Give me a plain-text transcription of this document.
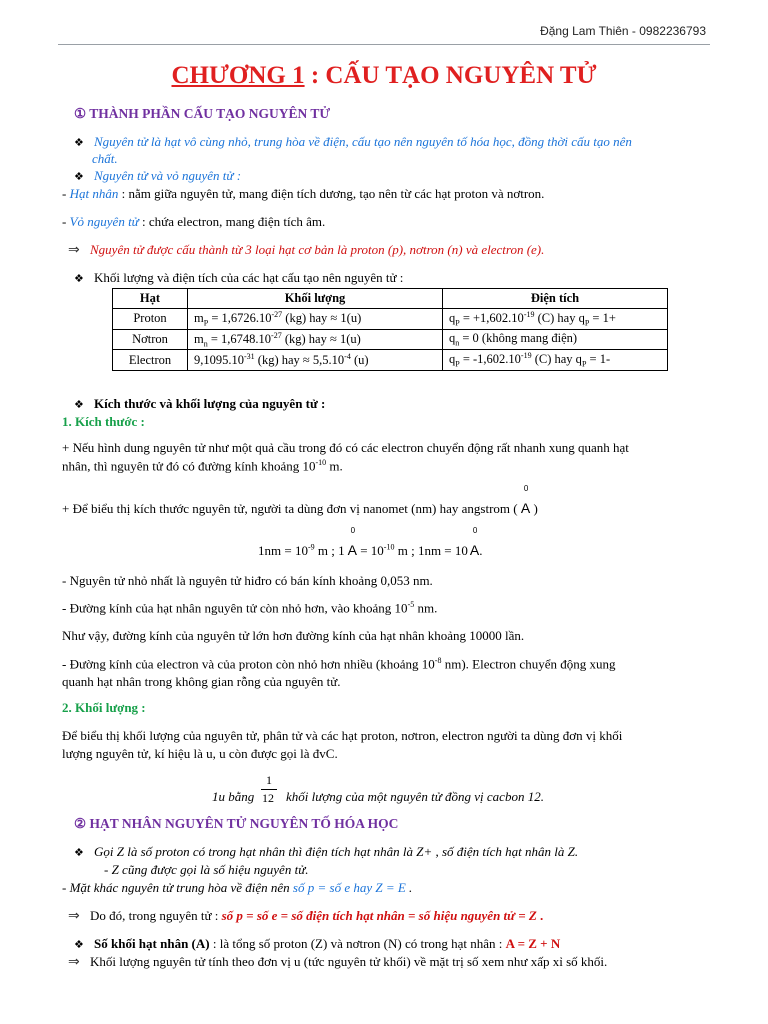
Đặng Lam Thiên - 0982236793
CHƯƠNG 1 : CẤU TẠO NGUYÊN TỬ
① THÀNH PHẦN CẤU TẠO NGUYÊN TỬ
❖ Nguyên tử là hạt vô cùng nhỏ, trung hòa về điện, cấu tạo nên nguyên tố hóa học, đồng thời cấu tạo nên
chất.
❖ Nguyên tử và vỏ nguyên tử :
- Hạt nhân : nằm giữa nguyên tử, mang điện tích dương, tạo nên từ các hạt proton và nơtron.
- Vỏ nguyên tử : chứa electron, mang điện tích âm.
⇒ Nguyên tử được cấu thành từ 3 loại hạt cơ bản là proton (p), nơtron (n) và electron (e).
❖ Khối lượng và điện tích của các hạt cấu tạo nên nguyên tử :
Hạt	Khối lượng	Điện tích
Proton	$m_P = 1,6726.10^{-27}$ (kg) hay ≈ 1(u)	$q_P = +1,602.10^{-19}$ (C) hay $q_P = 1+$
Nơtron	$m_n = 1,6748.10^{-27}$ (kg) hay ≈ 1(u)	$q_n = 0$ (không mang điện)
Electron	$9,1095.10^{-31}$ (kg) hay ≈ $5,5.10^{-4}$ (u)	$q_P = -1,602.10^{-19}$ (C) hay $q_P = 1-$
❖ Kích thước và khối lượng của nguyên tử :
1. Kích thước :
+ Nếu hình dung nguyên tử như một quả cầu trong đó có các electron chuyển động rất nhanh xung quanh hạt
nhân, thì nguyên tử đó có đường kính khoảng $10^{-10}$ m.
+ Để biểu thị kích thước nguyên tử, người ta dùng đơn vị nanomet (nm) hay angstrom (
0
A )
$1nm = 10^{-9}$ m ; 1
0
$A = 10^{-10}$ m ; 1nm = 10
0
A.
- Nguyên tử nhỏ nhất là nguyên tử hiđro có bán kính khoảng 0,053 nm.
- Đường kính của hạt nhân nguyên tử còn nhỏ hơn, vào khoảng $10^{-5}$ nm.
Như vậy, đường kính của nguyên tử lớn hơn đường kính của hạt nhân khoảng 10000 lần.
- Đường kính của electron và của proton còn nhỏ hơn nhiều (khoảng $10^{-8}$ nm). Electron chuyển động xung
quanh hạt nhân trong không gian rỗng của nguyên tử.
2. Khối lượng :
Để biểu thị khối lượng của nguyên tử, phân tử và các hạt proton, nơtron, electron người ta dùng đơn vị khối
lượng nguyên tử, kí hiệu là u, u còn được gọi là đvC.
1
12
1u bằng khối lượng của một nguyên tử đồng vị cacbon 12.
② HẠT NHÂN NGUYÊN TỬ NGUYÊN TỐ HÓA HỌC
❖ Gọi Z là số proton có trong hạt nhân thì điện tích hạt nhân là Z+ , số điện tích hạt nhân là Z.
- Z cũng được gọi là số hiệu nguyên tử.
- Mặt khác nguyên tử trung hòa về điện nên số p = số e hay Z = E .
⇒ Do đó, trong nguyên tử : số p = số e = số điện tích hạt nhân = số hiệu nguyên tử = Z .
❖ Số khối hạt nhân (A) : là tổng số proton (Z) và nơtron (N) có trong hạt nhân : A = Z + N
⇒ Khối lượng nguyên tử tính theo đơn vị u (tức nguyên tử khối) về mặt trị số xem như xấp xỉ số khối.
